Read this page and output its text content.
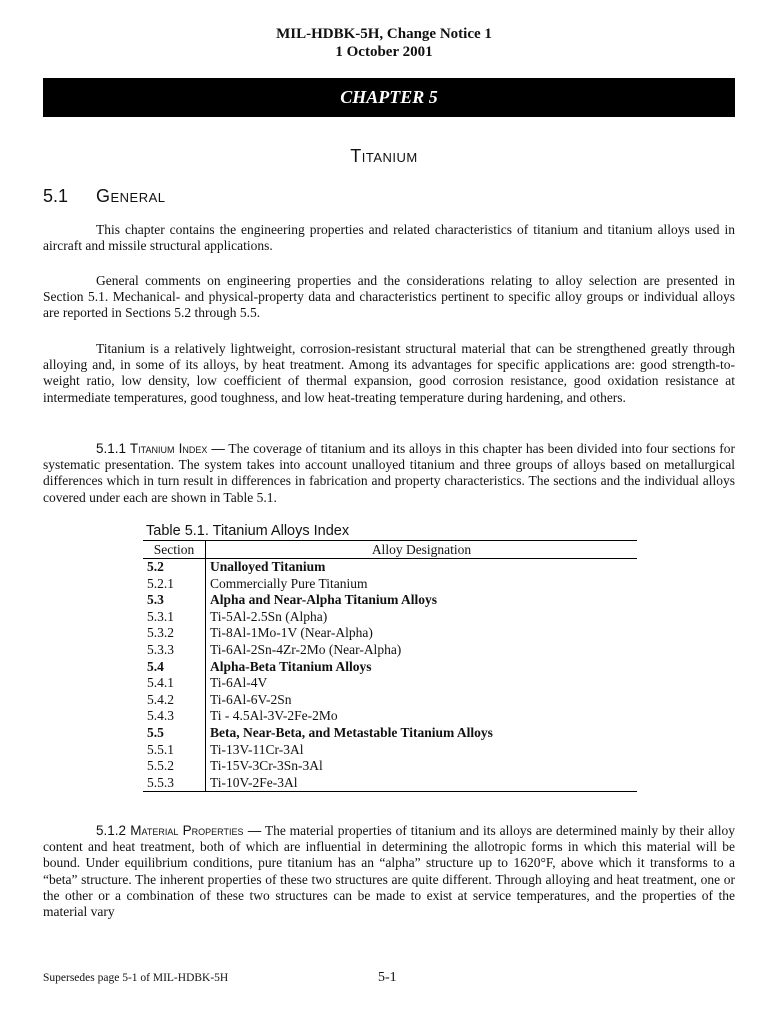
MIL-HDBK-5H, Change Notice 1
1 October 2001
CHAPTER 5
Titanium
5.1 General

This chapter contains the engineering properties and related characteristics of titanium and titanium alloys used in aircraft and missile structural applications.

General comments on engineering properties and the considerations relating to alloy selection are presented in Section 5.1. Mechanical- and physical-property data and characteristics pertinent to specific alloy groups or individual alloys are reported in Sections 5.2 through 5.5.

Titanium is a relatively lightweight, corrosion-resistant structural material that can be strengthened greatly through alloying and, in some of its alloys, by heat treatment. Among its advantages for specific applications are: good strength-to-weight ratio, low density, low coefficient of thermal expansion, good corrosion resistance, good oxidation resistance at intermediate temperatures, good toughness, and low heat-treating temperature during hardening, and others.

5.1.1 Titanium Index — The coverage of titanium and its alloys in this chapter has been divided into four sections for systematic presentation. The system takes into account unalloyed titanium and three groups of alloys based on metallurgical differences which in turn result in differences in fabrication and property characteristics. The sections and the individual alloys covered under each are shown in Table 5.1.

Table 5.1. Titanium Alloys Index
Section	Alloy Designation
5.2	Unalloyed Titanium
5.2.1	Commercially Pure Titanium
5.3	Alpha and Near-Alpha Titanium Alloys
5.3.1	Ti-5Al-2.5Sn (Alpha)
5.3.2	Ti-8Al-1Mo-1V (Near-Alpha)
5.3.3	Ti-6Al-2Sn-4Zr-2Mo (Near-Alpha)
5.4	Alpha-Beta Titanium Alloys
5.4.1	Ti-6Al-4V
5.4.2	Ti-6Al-6V-2Sn
5.4.3	Ti - 4.5Al-3V-2Fe-2Mo
5.5	Beta, Near-Beta, and Metastable Titanium Alloys
5.5.1	Ti-13V-11Cr-3Al
5.5.2	Ti-15V-3Cr-3Sn-3Al
5.5.3	Ti-10V-2Fe-3Al

5.1.2 Material Properties — The material properties of titanium and its alloys are determined mainly by their alloy content and heat treatment, both of which are influential in determining the allotropic forms in which this material will be bound. Under equilibrium conditions, pure titanium has an “alpha” structure up to 1620°F, above which it transforms to a “beta” structure. The inherent properties of these two structures are quite different. Through alloying and heat treatment, one or the other or a combination of these two structures can be made to exist at service temperatures, and the properties of the material vary

Supersedes page 5-1 of MIL-HDBK-5H	5-1
